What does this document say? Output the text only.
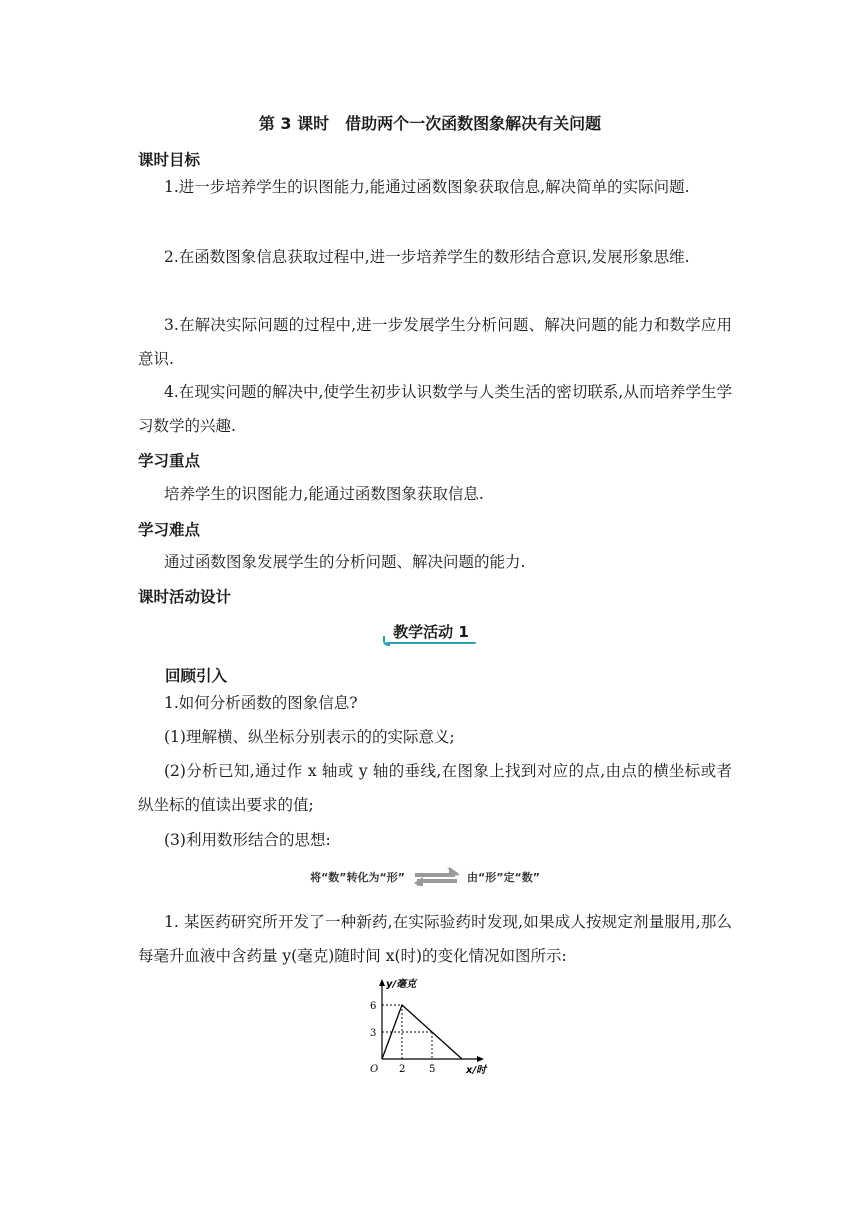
第 3 课时　借助两个一次函数图象解决有关问题
课时目标

1.进一步培养学生的识图能力,能通过函数图象获取信息,解决简单的实际问题.

2.在函数图象信息获取过程中,进一步培养学生的数形结合意识,发展形象思维.

3.在解决实际问题的过程中,进一步发展学生分析问题、解决问题的能力和数学应用意识.

4.在现实问题的解决中,使学生初步认识数学与人类生活的密切联系,从而培养学生学习数学的兴趣.

学习重点

培养学生的识图能力,能通过函数图象获取信息.

学习难点

通过函数图象发展学生的分析问题、解决问题的能力.

课时活动设计
教学活动 1
回顾引入

1.如何分析函数的图象信息?

(1)理解横、纵坐标分别表示的的实际意义;

(2)分析已知,通过作 x 轴或 y 轴的垂线,在图象上找到对应的点,由点的横坐标或者纵坐标的值读出要求的值;

(3)利用数形结合的思想:

将“数”转化为“形”	由“形”定“数”

1. 某医药研究所开发了一种新药,在实际验药时发现,如果成人按规定剂量服用,那么每毫升血液中含药量 y(毫克)随时间 x(时)的变化情况如图所示:

y/毫克
x/时
O
6
3
2 5
